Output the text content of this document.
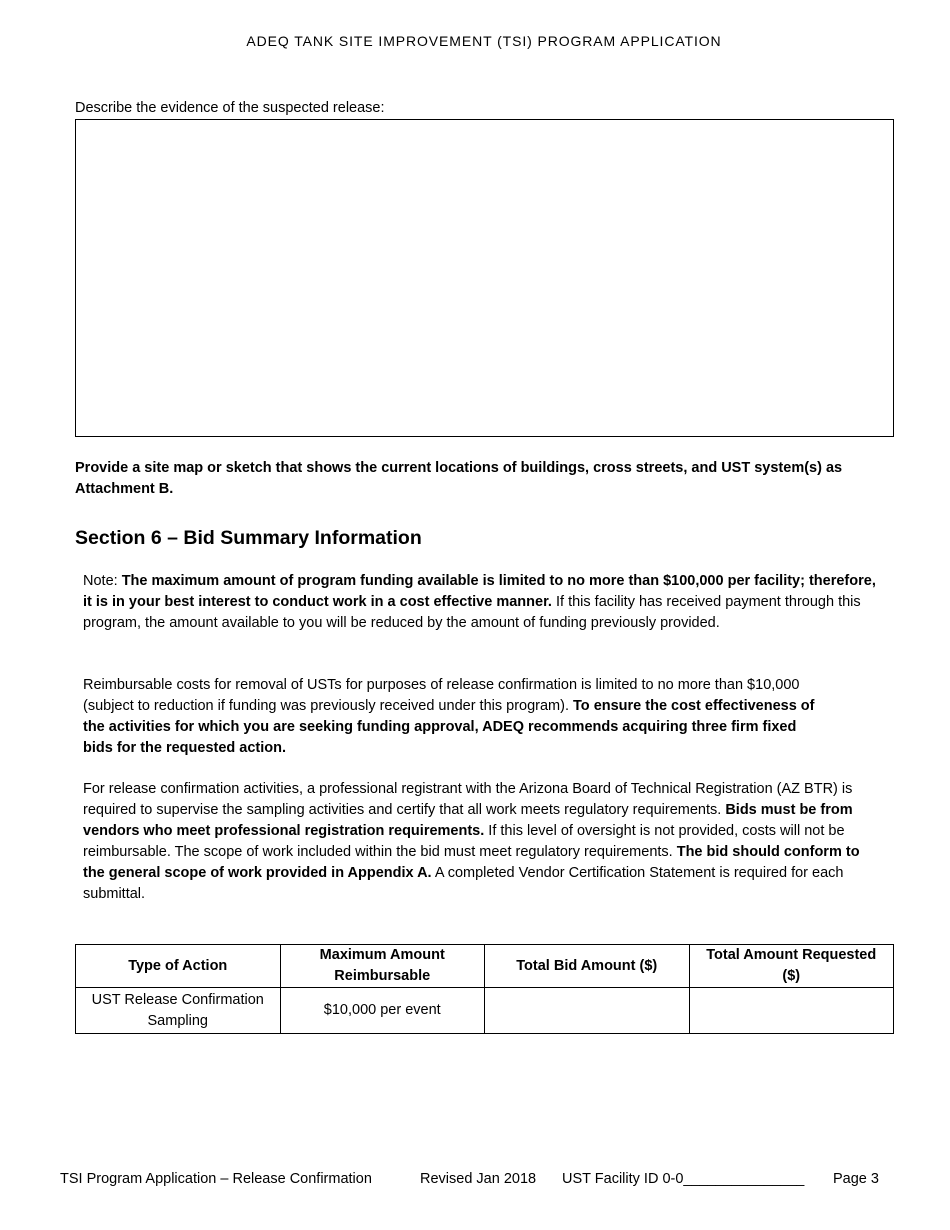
ADEQ TANK SITE IMPROVEMENT (TSI) PROGRAM APPLICATION
Describe the evidence of the suspected release:
Provide a site map or sketch that shows the current locations of buildings, cross streets, and UST system(s) as Attachment B.
Section 6 – Bid Summary Information
Note: The maximum amount of program funding available is limited to no more than $100,000 per facility; therefore, it is in your best interest to conduct work in a cost effective manner. If this facility has received payment through this program, the amount available to you will be reduced by the amount of funding previously provided.
Reimbursable costs for removal of USTs for purposes of release confirmation is limited to no more than $10,000 (subject to reduction if funding was previously received under this program). To ensure the cost effectiveness of the activities for which you are seeking funding approval, ADEQ recommends acquiring three firm fixed bids for the requested action.
For release confirmation activities, a professional registrant with the Arizona Board of Technical Registration (AZ BTR) is required to supervise the sampling activities and certify that all work meets regulatory requirements. Bids must be from vendors who meet professional registration requirements. If this level of oversight is not provided, costs will not be reimbursable. The scope of work included within the bid must meet regulatory requirements. The bid should conform to the general scope of work provided in Appendix A. A completed Vendor Certification Statement is required for each submittal.
Type of Action	Maximum Amount Reimbursable	Total Bid Amount ($)	Total Amount Requested ($)
UST Release Confirmation Sampling	$10,000 per event		
TSI Program Application – Release Confirmation	Revised Jan 2018 UST Facility ID 0-0_______________ Page 3
